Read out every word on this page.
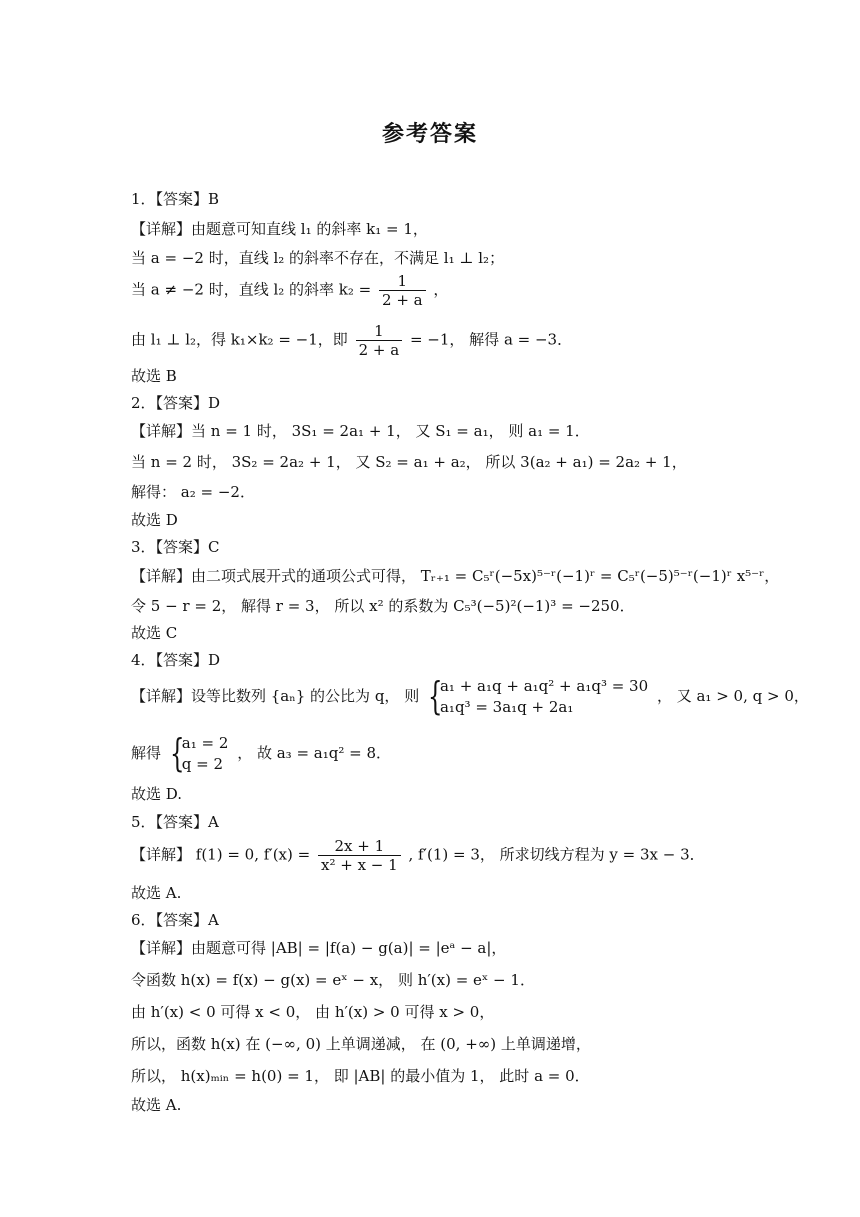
参考答案
1．【答案】B
【详解】由题意可知直线 l₁ 的斜率 k₁ = 1，
当 a = −2 时，直线 l₂ 的斜率不存在，不满足 l₁ ⊥ l₂；
当 a ≠ −2 时，直线 l₂ 的斜率 $k_2 = \frac{1}{2 + a}$ ，
由 l₁ ⊥ l₂，得 k₁×k₂ = −1，即 $\frac{1}{2 + a} = -1$， 解得 a = −3．
故选 B
2．【答案】D
【详解】当 n = 1 时， 3S₁ = 2a₁ + 1， 又 S₁ = a₁， 则 a₁ = 1．
当 n = 2 时， 3S₂ = 2a₂ + 1， 又 S₂ = a₁ + a₂， 所以 3(a₂ + a₁) = 2a₂ + 1，
解得： a₂ = −2．
故选 D
3．【答案】C
【详解】由二项式展开式的通项公式可得， Tᵣ₊₁ = C₅ʳ(−5x)⁵⁻ʳ(−1)ʳ = C₅ʳ(−5)⁵⁻ʳ(−1)ʳ x⁵⁻ʳ，
令 5 − r = 2， 解得 r = 3， 所以 x² 的系数为 C₅³(−5)²(−1)³ = −250．
故选 C
4．【答案】D
【详解】设等比数列 {aₙ} 的公比为 q， 则 {
a₁ + a₁q + a₁q² + a₁q³ = 30
a₁q³ = 3a₁q + 2a₁
， 又 a₁ > 0, q > 0，
解得 {
a₁ = 2
q = 2
， 故 a₃ = a₁q² = 8．
故选 D.
5．【答案】A
【详解】 f(1) = 0, $f'(x) = \frac{2x + 1}{\text{x² + x − 1}}$ , f′(1) = 3， 所求切线方程为 y = 3x − 3．
故选 A.
6．【答案】A
【详解】由题意可得 |AB| = |f(a) − g(a)| = |eᵃ − a|，
令函数 h(x) = f(x) − g(x) = eˣ − x， 则 h′(x) = eˣ − 1．
由 h′(x) < 0 可得 x < 0， 由 h′(x) > 0 可得 x > 0，
所以，函数 h(x) 在 (−∞, 0) 上单调递减， 在 (0, +∞) 上单调递增，
所以， h(x)ₘᵢₙ = h(0) = 1， 即 |AB| 的最小值为 1， 此时 a = 0．
故选 A.
